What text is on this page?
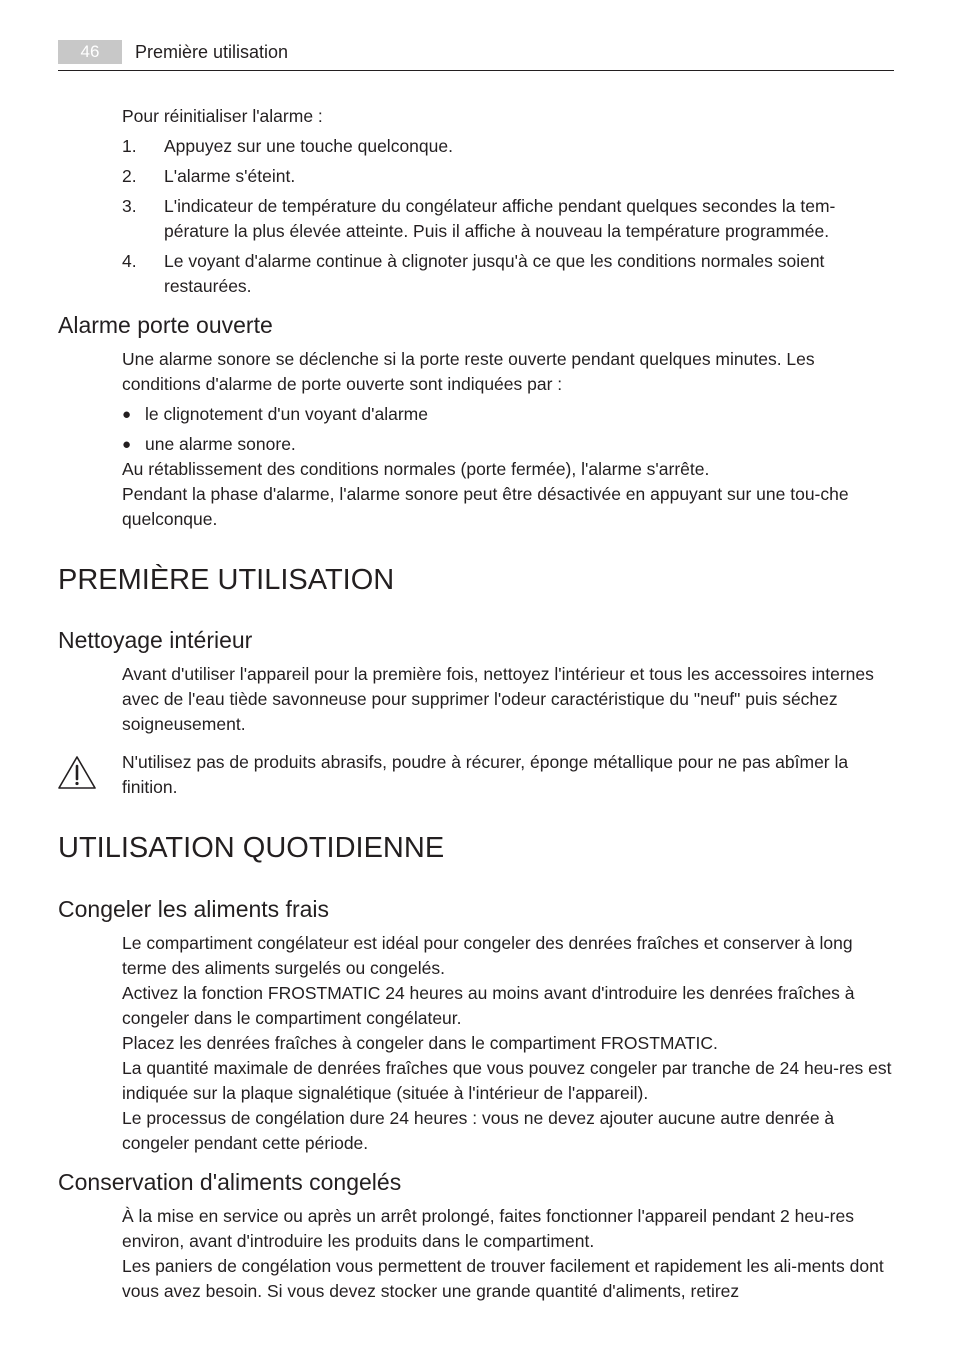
46	Première utilisation

Pour réinitialiser l'alarme :

1. Appuyez sur une touche quelconque.
2. L'alarme s'éteint.
3. L'indicateur de température du congélateur affiche pendant quelques secondes la tem-pérature la plus élevée atteinte. Puis il affiche à nouveau la température programmée.
4. Le voyant d'alarme continue à clignoter jusqu'à ce que les conditions normales soient restaurées.
Alarme porte ouverte

Une alarme sonore se déclenche si la porte reste ouverte pendant quelques minutes. Les conditions d'alarme de porte ouverte sont indiquées par :

● le clignotement d'un voyant d'alarme
● une alarme sonore.

Au rétablissement des conditions normales (porte fermée), l'alarme s'arrête.

Pendant la phase d'alarme, l'alarme sonore peut être désactivée en appuyant sur une tou-che quelconque.

PREMIÈRE UTILISATION
Nettoyage intérieur

Avant d'utiliser l'appareil pour la première fois, nettoyez l'intérieur et tous les accessoires internes avec de l'eau tiède savonneuse pour supprimer l'odeur caractéristique du "neuf" puis séchez soigneusement.

N'utilisez pas de produits abrasifs, poudre à récurer, éponge métallique pour ne pas abîmer la finition.

UTILISATION QUOTIDIENNE
Congeler les aliments frais

Le compartiment congélateur est idéal pour congeler des denrées fraîches et conserver à long terme des aliments surgelés ou congelés.

Activez la fonction FROSTMATIC 24 heures au moins avant d'introduire les denrées fraîches à congeler dans le compartiment congélateur.

Placez les denrées fraîches à congeler dans le compartiment FROSTMATIC.

La quantité maximale de denrées fraîches que vous pouvez congeler par tranche de 24 heu-res est indiquée sur la plaque signalétique (située à l'intérieur de l'appareil).

Le processus de congélation dure 24 heures : vous ne devez ajouter aucune autre denrée à congeler pendant cette période.

Conservation d'aliments congelés

À la mise en service ou après un arrêt prolongé, faites fonctionner l'appareil pendant 2 heu-res environ, avant d'introduire les produits dans le compartiment.

Les paniers de congélation vous permettent de trouver facilement et rapidement les ali-ments dont vous avez besoin. Si vous devez stocker une grande quantité d'aliments, retirez
